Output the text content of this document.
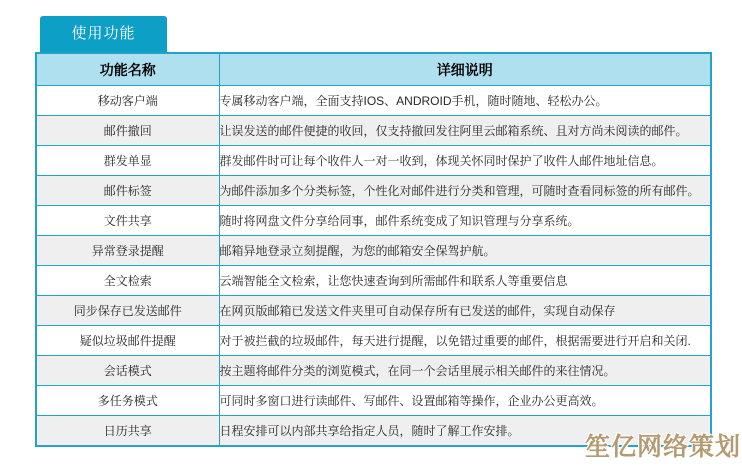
使用功能
功能名称	详细说明
移动客户端	专属移动客户端，全面支持IOS、ANDROID手机，随时随地、轻松办公。
邮件撤回	让误发送的邮件便捷的收回，仅支持撤回发往阿里云邮箱系统、且对方尚未阅读的邮件。
群发单显	群发邮件时可让每个收件人一对一收到，体现关怀同时保护了收件人邮件地址信息。
邮件标签	为邮件添加多个分类标签，个性化对邮件进行分类和管理，可随时查看同标签的所有邮件。
文件共享	随时将网盘文件分享给同事，邮件系统变成了知识管理与分享系统。
异常登录提醒	邮箱异地登录立刻提醒，为您的邮箱安全保驾护航。
全文检索	云端智能全文检索，让您快速查询到所需邮件和联系人等重要信息
同步保存已发送邮件	在网页版邮箱已发送文件夹里可自动保存所有已发送的邮件，实现自动保存
疑似垃圾邮件提醒	对于被拦截的垃圾邮件，每天进行提醒，以免错过重要的邮件，根据需要进行开启和关闭.
会话模式	按主题将邮件分类的浏览模式，在同一个会话里展示相关邮件的来往情况。
多任务模式	可同时多窗口进行读邮件、写邮件、设置邮箱等操作，企业办公更高效。
日历共享	日程安排可以内部共享给指定人员，随时了解工作安排。
笙亿网络策划
